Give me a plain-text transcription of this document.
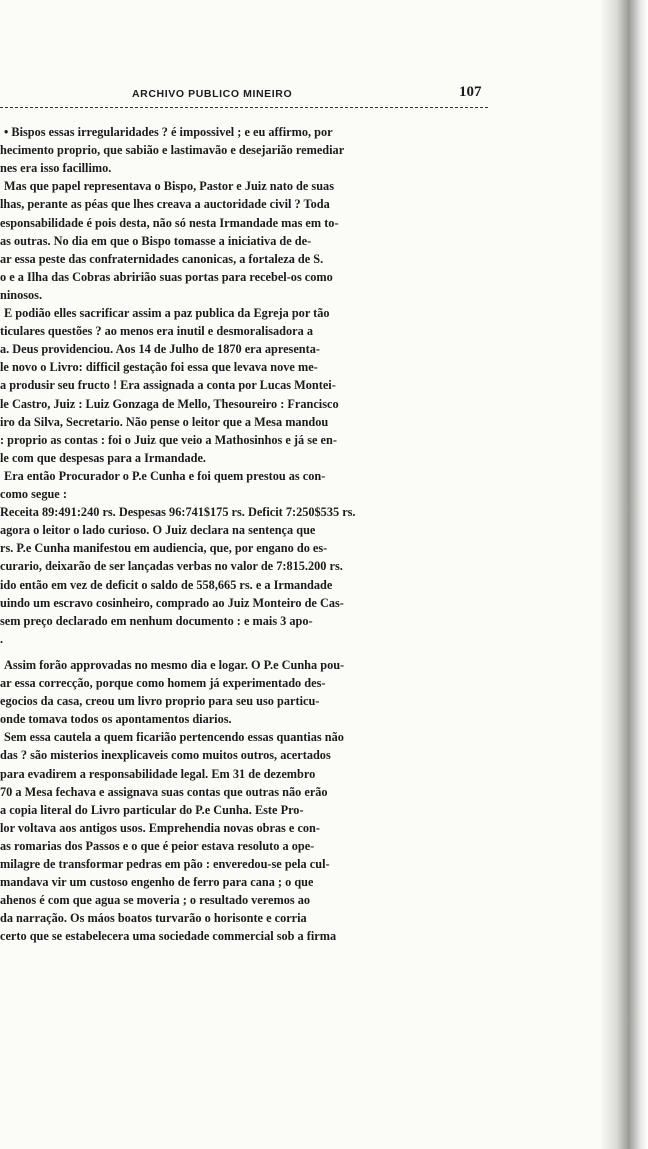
ARCHIVO PUBLICO MINEIRO	107
• Bispos essas irregularidades ? é impossivel ; e eu affirmo, por
hecimento proprio, que sabião e lastimavão e desejarião remediar
nes era isso facillimo.
Mas que papel representava o Bispo, Pastor e Juiz nato de suas
lhas, perante as péas que lhes creava a auctoridade civil ? Toda
esponsabilidade é pois desta, não só nesta Irmandade mas em to-
as outras. No dia em que o Bispo tomasse a iniciativa de de-
ar essa peste das confraternidades canonicas, a fortaleza de S.
o e a Ilha das Cobras abririão suas portas para recebel-os como
ninosos.
E podião elles sacrificar assim a paz publica da Egreja por tão
ticulares questões ? ao menos era inutil e desmoralisadora a
a. Deus providenciou. Aos 14 de Julho de 1870 era apresenta-
le novo o Livro: difficil gestação foi essa que levava nove me-
a produsir seu fructo ! Era assignada a conta por Lucas Montei-
le Castro, Juiz : Luiz Gonzaga de Mello, Thesoureiro : Francisco
iro da Silva, Secretario. Não pense o leitor que a Mesa mandou
: proprio as contas : foi o Juiz que veio a Mathosinhos e já se en-
le com que despesas para a Irmandade.
Era então Procurador o P.e Cunha e foi quem prestou as con-
como segue :
Receita 89:491:240 rs. Despesas 96:741$175 rs. Deficit 7:250$535 rs.
agora o leitor o lado curioso. O Juiz declara na sentença que
rs. P.e Cunha manifestou em audiencia, que, por engano do es-
curario, deixarão de ser lançadas verbas no valor de 7:815.200 rs.
ido então em vez de deficit o saldo de 558,665 rs. e a Irmandade
uindo um escravo cosinheiro, comprado ao Juiz Monteiro de Cas-
sem preço declarado em nenhum documento : e mais 3 apo-
.
Assim forão approvadas no mesmo dia e logar. O P.e Cunha pou-
ar essa correcção, porque como homem já experimentado des-
egocios da casa, creou um livro proprio para seu uso particu-
onde tomava todos os apontamentos diarios.
Sem essa cautela a quem ficarião pertencendo essas quantias não
das ? são misterios inexplicaveis como muitos outros, acertados
para evadirem a responsabilidade legal. Em 31 de dezembro
70 a Mesa fechava e assignava suas contas que outras não erão
a copia literal do Livro particular do P.e Cunha. Este Pro-
lor voltava aos antigos usos. Emprehendia novas obras e con-
as romarias dos Passos e o que é peior estava resoluto a ope-
milagre de transformar pedras em pão : enveredou-se pela cul-
mandava vir um custoso engenho de ferro para cana ; o que
ahenos é com que agua se moveria ; o resultado veremos ao
da narração. Os máos boatos turvarão o horisonte e corria
certo que se estabelecera uma sociedade commercial sob a firma
